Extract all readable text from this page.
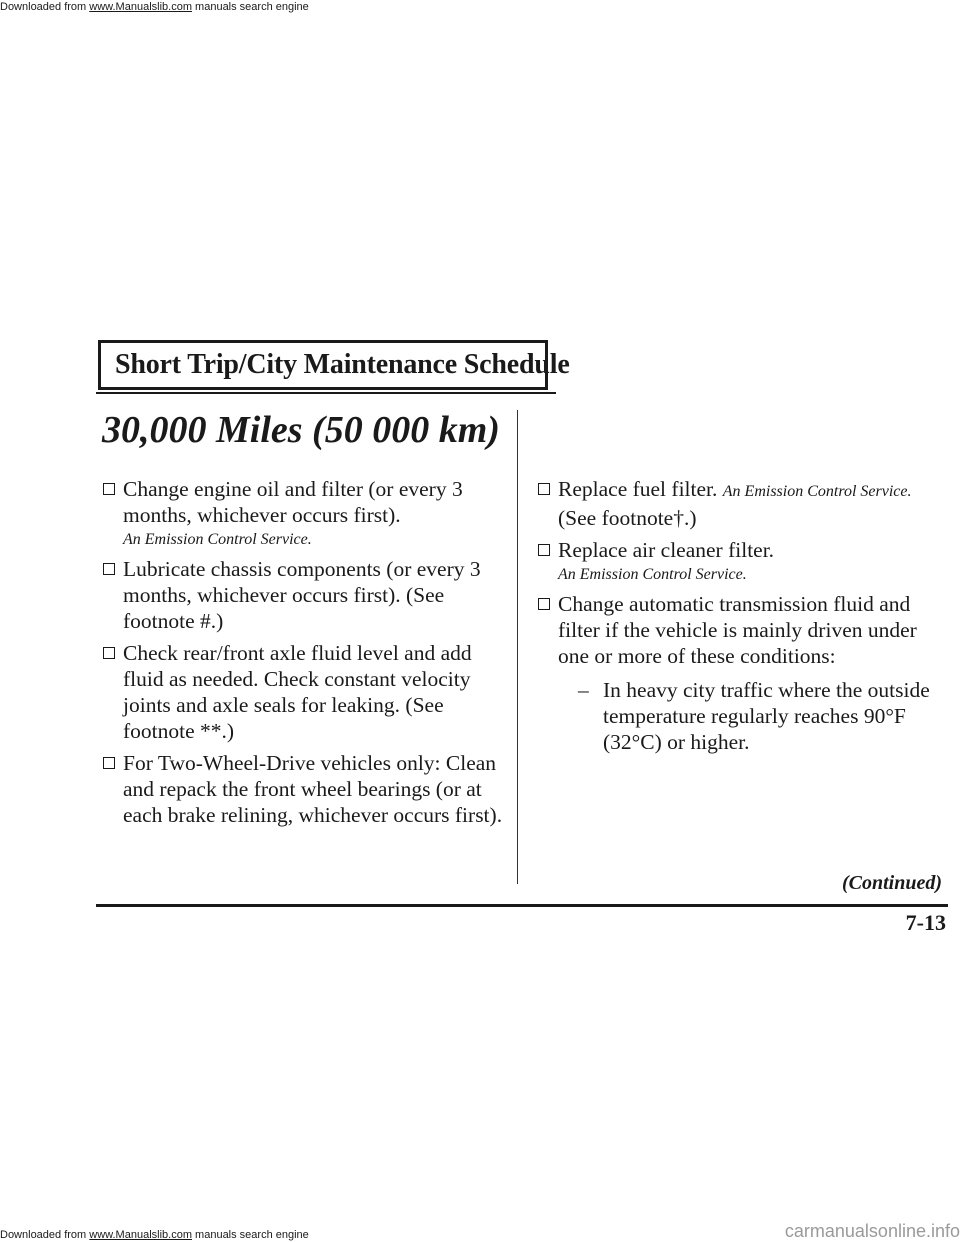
Downloaded from www.Manualslib.com manuals search engine
Short Trip/City Maintenance Schedule
30,000 Miles (50 000 km)
Change engine oil and filter (or every 3 months, whichever occurs first).
An Emission Control Service.
Lubricate chassis components (or every 3 months, whichever occurs first). (See footnote #.)
Check rear/front axle fluid level and add fluid as needed. Check constant velocity joints and axle seals for leaking. (See footnote **.)
For Two-Wheel-Drive vehicles only: Clean and repack the front wheel bearings (or at each brake relining, whichever occurs first).
Replace fuel filter. An Emission Control Service.
(See footnote†.)
Replace air cleaner filter.
An Emission Control Service.
Change automatic transmission fluid and filter if the vehicle is mainly driven under one or more of these conditions:
– In heavy city traffic where the outside temperature regularly reaches 90°F (32°C) or higher.
(Continued)
7-13
Downloaded from www.Manualslib.com manuals search engine	carmanualsonline.info
